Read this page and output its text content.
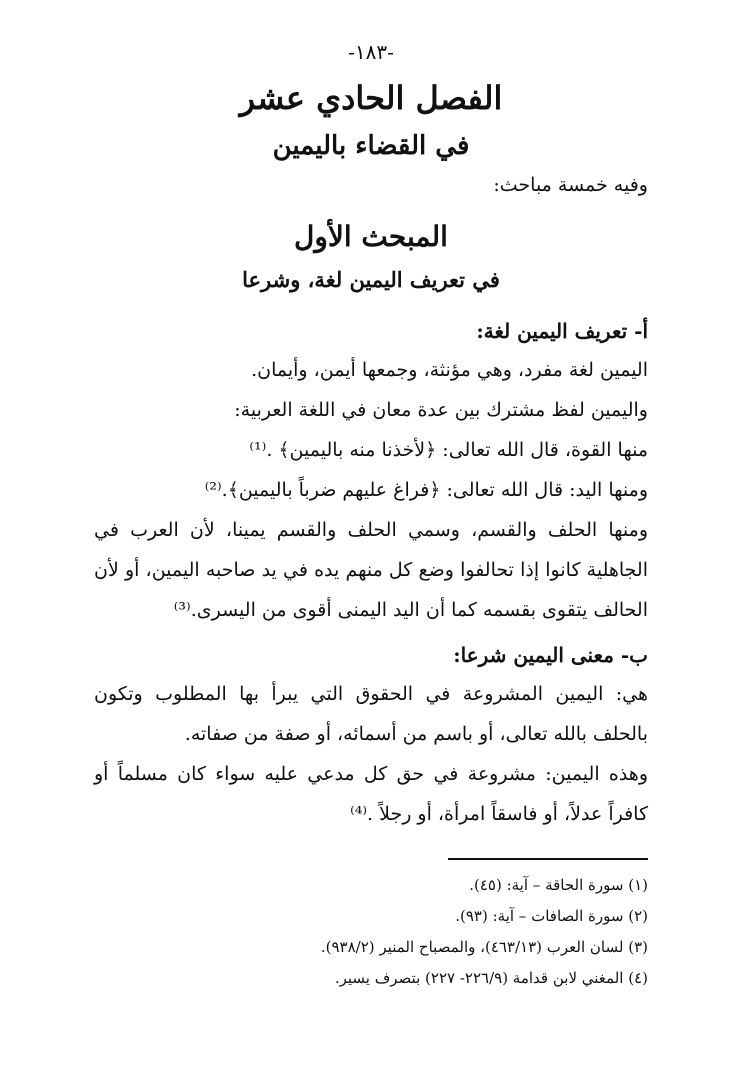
-١٨٣-
الفصل الحادي عشر
في القضاء باليمين

وفيه خمسة مباحث:

المبحث الأول
في تعريف اليمين لغة، وشرعا
أ- تعريف اليمين لغة:

اليمين لغة مفرد، وهي مؤنثة، وجمعها أيمن، وأيمان.

واليمين لفظ مشترك بين عدة معان في اللغة العربية:

منها القوة، قال الله تعالى: ﴿لأخذنا منه باليمين﴾ .⁽¹⁾

ومنها اليد: قال الله تعالى: ﴿فراغ عليهم ضرباً باليمين﴾.⁽²⁾

ومنها الحلف والقسم، وسمي الحلف والقسم يمينا، لأن العرب في الجاهلية كانوا إذا تحالفوا وضع كل منهم يده في يد صاحبه اليمين، أو لأن الحالف يتقوى بقسمه كما أن اليد اليمنى أقوى من اليسرى.⁽³⁾

ب- معنى اليمين شرعا:

هي: اليمين المشروعة في الحقوق التي يبرأ بها المطلوب وتكون بالحلف بالله تعالى، أو باسم من أسمائه، أو صفة من صفاته.

وهذه اليمين: مشروعة في حق كل مدعي عليه سواء كان مسلماً أو كافراً عدلاً، أو فاسقاً امرأة، أو رجلاً .⁽⁴⁾

(١) سورة الحاقة – آية: (٤٥).

(٢) سورة الصافات – آية: (٩٣).

(٣) لسان العرب (٤٦٣/١٣)، والمصباح المنير (٩٣٨/٢).

(٤) المغني لابن قدامة (٢٢٦/٩- ٢٢٧) بتصرف يسير.
